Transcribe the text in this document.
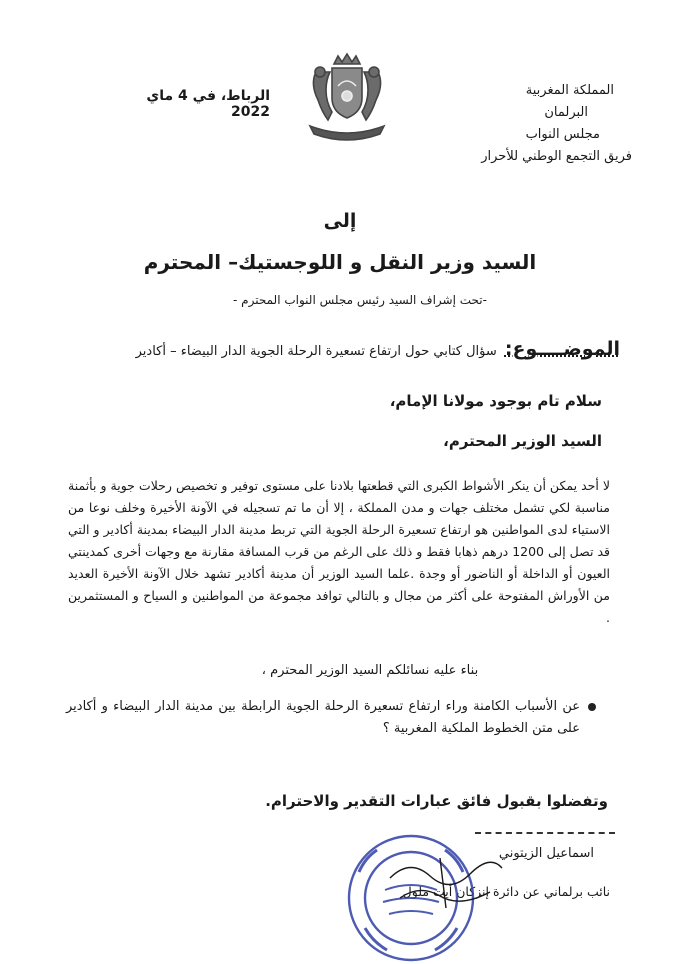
المملكة المغربية
البرلمان
مجلس النواب
فريق التجمع الوطني للأحرار
الرباط، في 4 ماي 2022
إلى
السيد وزير النقل و اللوجستيك– المحترم
-تحت إشراف السيد رئيس مجلس النواب المحترم -
الموضــــوع: سؤال كتابي حول ارتفاع تسعيرة الرحلة الجوية الدار البيضاء – أكادير
سلام تام بوجود مولانا الإمام،
السيد الوزير المحترم،
لا أحد يمكن أن ينكر الأشواط الكبرى التي قطعتها بلادنا على مستوى توفير و تخصيص رحلات جوية و بأثمنة مناسبة لكي تشمل مختلف جهات و مدن المملكة ، إلا أن ما تم تسجيله في الآونة الأخيرة وخلف نوعا من الاستياء لدى المواطنين هو ارتفاع تسعيرة الرحلة الجوية التي تربط مدينة الدار البيضاء بمدينة أكادير و التي قد تصل إلى 1200 درهم ذهابا فقط و ذلك على الرغم من قرب المسافة مقارنة مع وجهات أخرى كمدينتي العيون أو الداخلة أو الناضور أو وجدة .علما السيد الوزير أن مدينة أكادير تشهد خلال الآونة الأخيرة العديد من الأوراش المفتوحة على أكثر من مجال و بالتالي توافد مجموعة من المواطنين و السياح و المستثمرين .
بناء عليه نسائلكم السيد الوزير المحترم ،
عن الأسباب الكامنة وراء ارتفاع تسعيرة الرحلة الجوية الرابطة بين مدينة الدار البيضاء و أكادير على متن الخطوط الملكية المغربية ؟
وتفضلوا بقبول فائق عبارات التقدير والاحترام.
اسماعيل الزيتوني
نائب برلماني عن دائرة إنزكان أيت ملول
